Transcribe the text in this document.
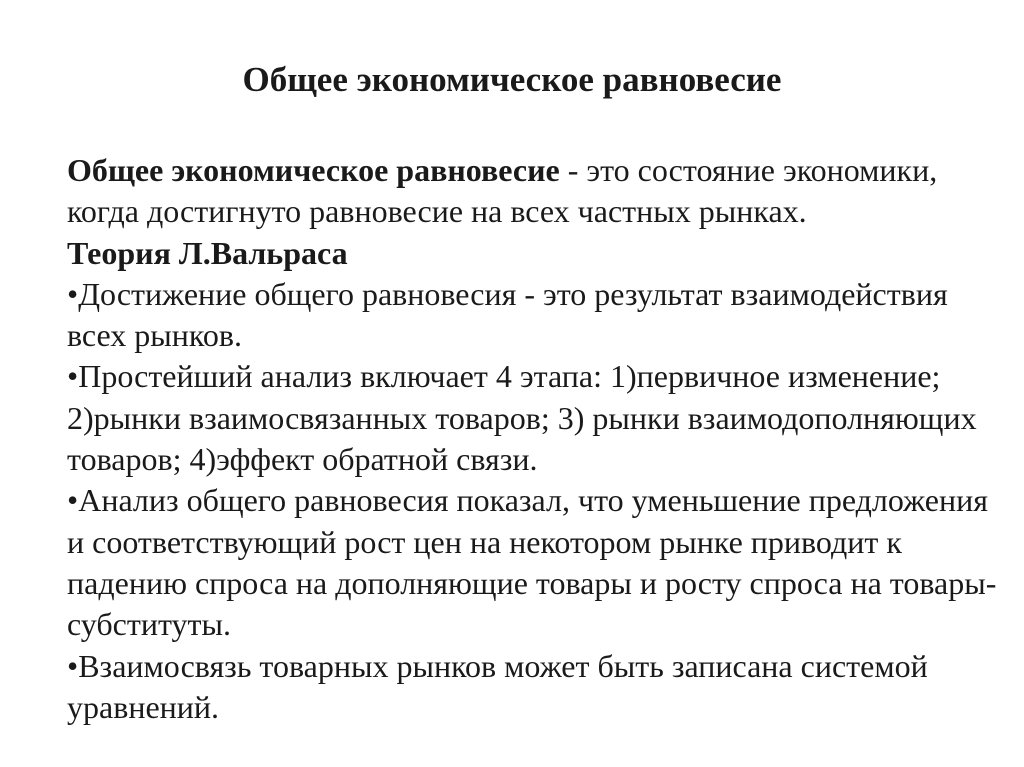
Общее экономическое равновесие

Общее экономическое равновесие - это состояние экономики, когда достигнуто равновесие на всех частных рынках.

Теория Л.Вальраса

•Достижение общего равновесия - это результат взаимодействия всех рынков.

•Простейший анализ включает 4 этапа: 1)первичное изменение; 2)рынки взаимосвязанных товаров; 3) рынки взаимодополняющих товаров; 4)эффект обратной связи.

•Анализ общего равновесия показал, что уменьшение предложения и соответствующий рост цен на некотором рынке приводит к падению спроса на дополняющие товары и росту спроса на товары-субституты.

•Взаимосвязь товарных рынков может быть записана системой уравнений.
